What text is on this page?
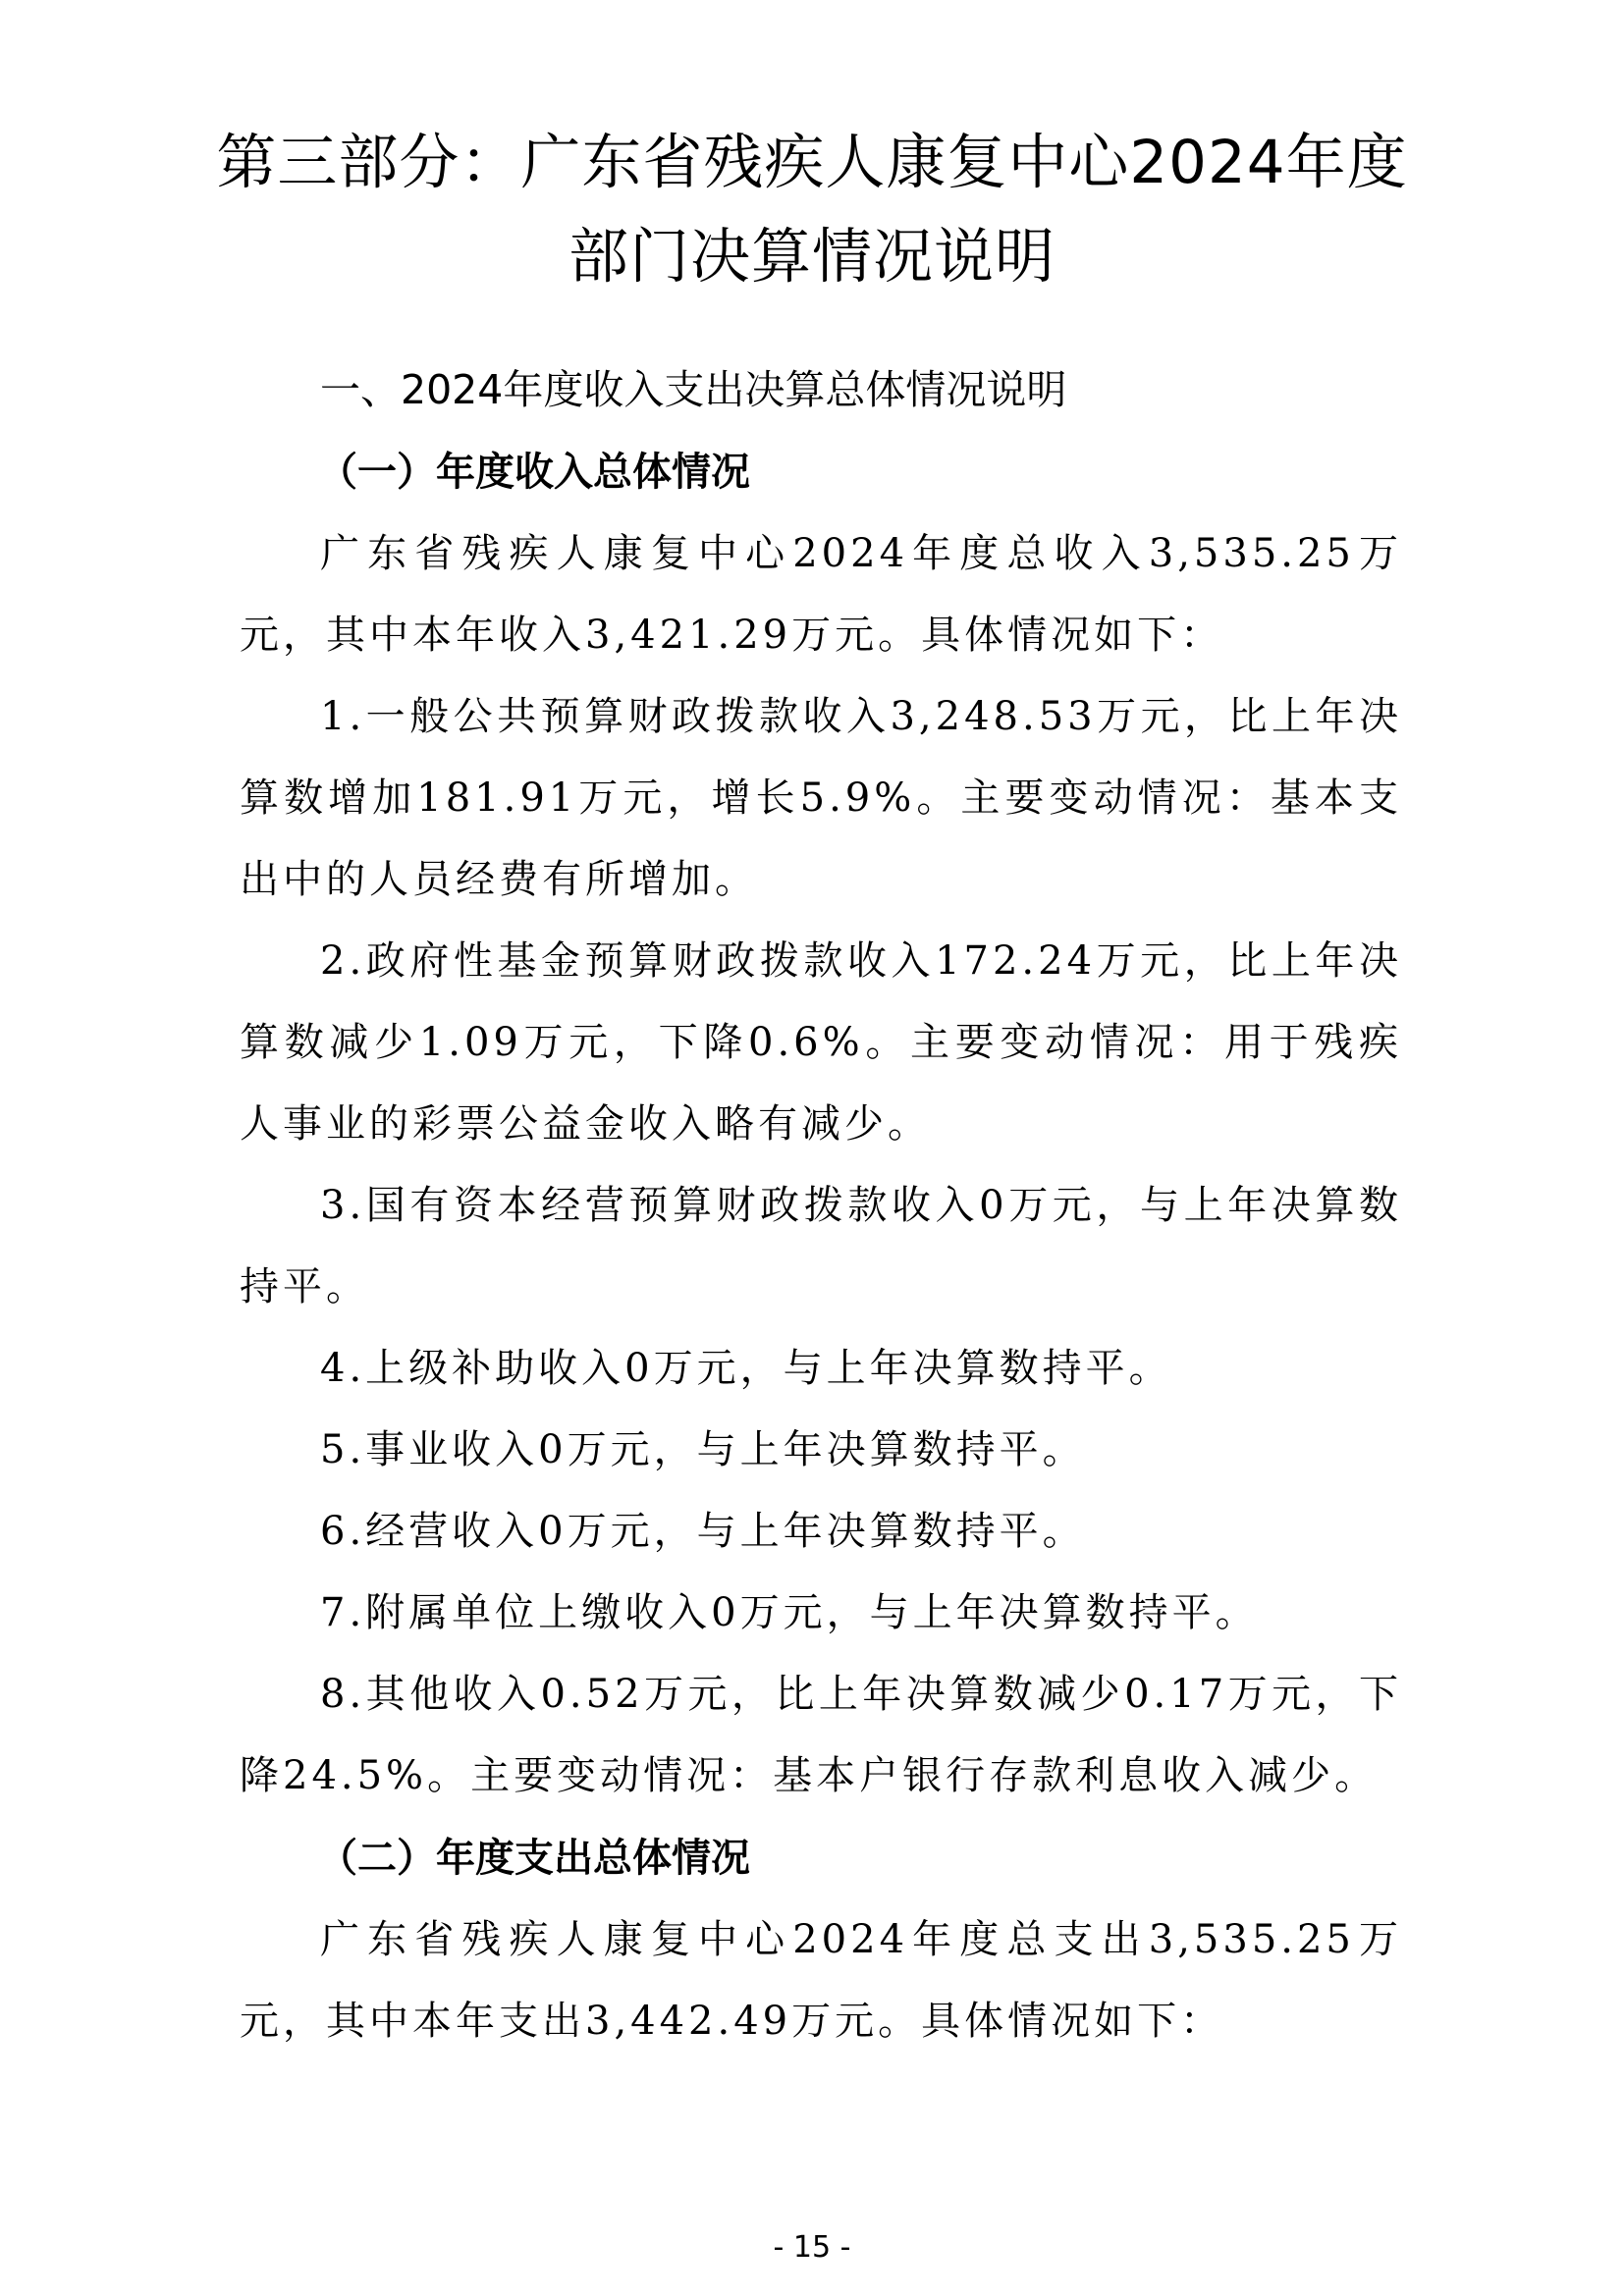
第三部分：广东省残疾人康复中心2024年度
部门决算情况说明

一、2024年度收入支出决算总体情况说明

（一）年度收入总体情况

广东省残疾人康复中心2024年度总收入3,535.25万元，其中本年收入3,421.29万元。具体情况如下：

1.一般公共预算财政拨款收入3,248.53万元，比上年决算数增加181.91万元，增长5.9%。主要变动情况：基本支出中的人员经费有所增加。

2.政府性基金预算财政拨款收入172.24万元，比上年决算数减少1.09万元，下降0.6%。主要变动情况：用于残疾人事业的彩票公益金收入略有减少。

3.国有资本经营预算财政拨款收入0万元，与上年决算数持平。

4.上级补助收入0万元，与上年决算数持平。

5.事业收入0万元，与上年决算数持平。

6.经营收入0万元，与上年决算数持平。

7.附属单位上缴收入0万元，与上年决算数持平。

8.其他收入0.52万元，比上年决算数减少0.17万元，下降24.5%。主要变动情况：基本户银行存款利息收入减少。

（二）年度支出总体情况

广东省残疾人康复中心2024年度总支出3,535.25万元，其中本年支出3,442.49万元。具体情况如下：

- 15 -
